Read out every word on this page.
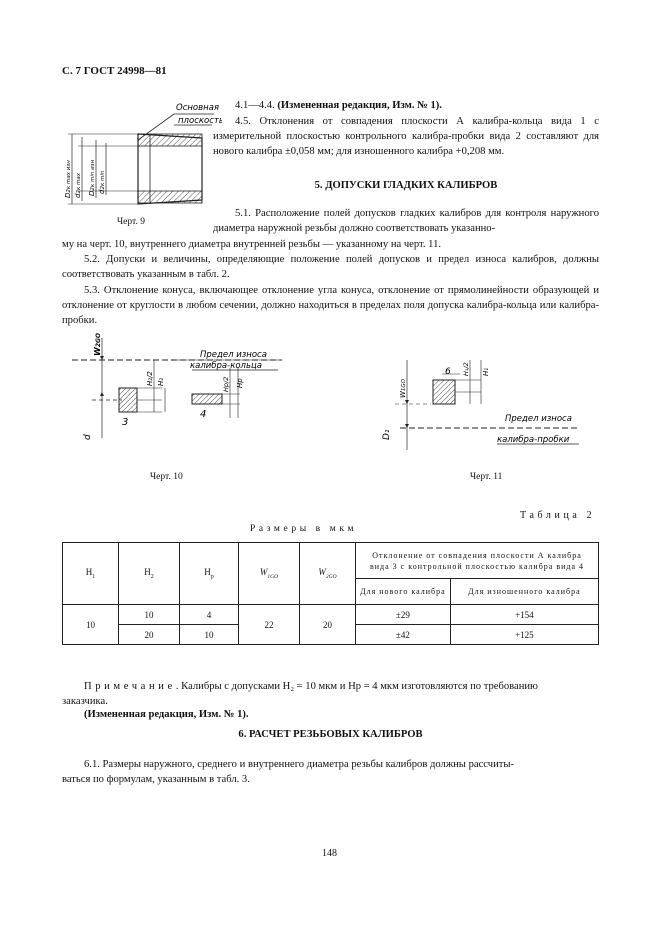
С. 7 ГОСТ 24998—81
Основная
плоскость
D2к max изн
d2к max D2к min изн
d2к min
Черт. 9
4.1—4.4. (Измененная редакция, Изм. № 1).

4.5. Отклонения от совпадения плоскости А калибра-кольца вида 1 с измерительной плоскостью контрольного калибра-пробки вида 2 составляют для нового калибра ±0,058 мм; для изношенного калибра +0,208 мм.

5. ДОПУСКИ ГЛАДКИХ КАЛИБРОВ

5.1. Расположение полей допусков гладких калибров для контроля наружного диаметра наружной резьбы должно соответствовать указанно-

му на черт. 10, внутреннего диаметра внутренней резьбы — указанному на черт. 11.

5.2. Допуски и величины, определяющие положение полей допусков и предел износа калибров, должны соответствовать указанным в табл. 2.

5.3. Отклонение конуса, включающее отклонение угла конуса, отклонение от прямолинейности образующей и отклонение от круглости в любом сечении, должно находиться в пределах поля допуска калибра-кольца или калибра-пробки.

W2GO
d
3
H₂/2 H₂
4
Hp/2 Hp
Предел износа
калибра-кольца
Черт. 10
W1GO
D₁
6 H₁/2 H₁
Предел износа
калибра-пробки
Черт. 11
Таблица 2
Размеры в мкм
$H_1$	$H_2$	$H_p$	$W_{1GO}$	$W_{2GO}$	Отклонение от совпадения плоскости А калибра вида 3 с контрольной плоскостью калибра вида 4	
					Для нового калибра	Для изношенного калибра
10	10	4	22	20	±29	+154
	20	10			±42	+125
Примечание. Калибры с допусками H₂ = 10 мкм и Hp = 4 мкм изготовляются по требованию
заказчика.
(Измененная редакция, Изм. № 1).
6. РАСЧЕТ РЕЗЬБОВЫХ КАЛИБРОВ

6.1. Размеры наружного, среднего и внутреннего диаметра резьбы калибров должны рассчиты-

ваться по формулам, указанным в табл. 3.

148
